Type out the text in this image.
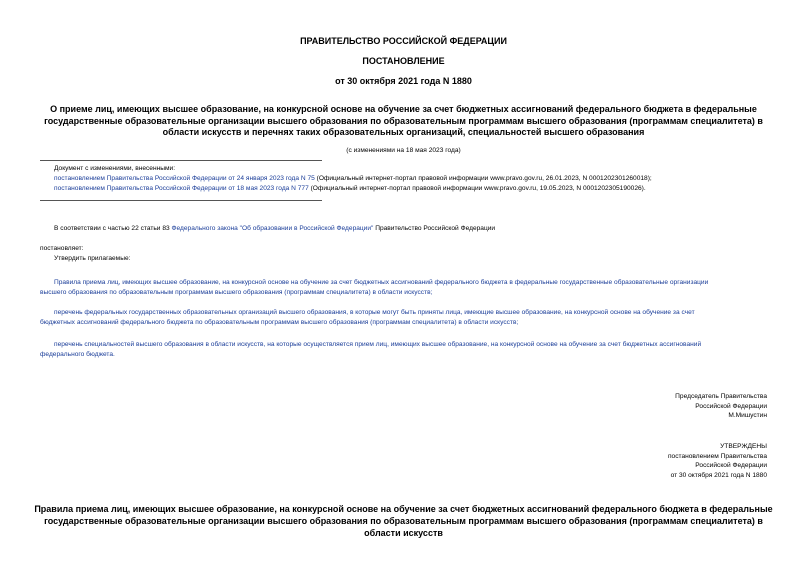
ПРАВИТЕЛЬСТВО РОССИЙСКОЙ ФЕДЕРАЦИИ
ПОСТАНОВЛЕНИЕ
от 30 октября 2021 года N 1880
О приеме лиц, имеющих высшее образование, на конкурсной основе на обучение за счет бюджетных ассигнований федерального бюджета в федеральные
государственные образовательные организации высшего образования по образовательным программам высшего образования (программам специалитета) в
области искусств и перечнях таких образовательных организаций, специальностей высшего образования
(с изменениями на 18 мая 2023 года)
Документ с изменениями, внесенными:
постановлением Правительства Российской Федерации от 24 января 2023 года N 75 (Официальный интернет-портал правовой информации www.pravo.gov.ru, 26.01.2023, N 0001202301260018);
постановлением Правительства Российской Федерации от 18 мая 2023 года N 777 (Официальный интернет-портал правовой информации www.pravo.gov.ru, 19.05.2023, N 0001202305190026).
В соответствии с частью 22 статьи 83 Федерального закона "Об образовании в Российской Федерации" Правительство Российской Федерации
постановляет:
Утвердить прилагаемые:
Правила приема лиц, имеющих высшее образование, на конкурсной основе на обучение за счет бюджетных ассигнований федерального бюджета в федеральные государственные образовательные организации
высшего образования по образовательным программам высшего образования (программам специалитета) в области искусств;
перечень федеральных государственных образовательных организаций высшего образования, в которые могут быть приняты лица, имеющие высшее образование, на конкурсной основе на обучение за счет
бюджетных ассигнований федерального бюджета по образовательным программам высшего образования (программам специалитета) в области искусств;
перечень специальностей высшего образования в области искусств, на которые осуществляется прием лиц, имеющих высшее образование, на конкурсной основе на обучение за счет бюджетных ассигнований
федерального бюджета.
Председатель Правительства
Российской Федерации
М.Мишустин
УТВЕРЖДЕНЫ
постановлением Правительства
Российской Федерации
от 30 октября 2021 года N 1880
Правила приема лиц, имеющих высшее образование, на конкурсной основе на обучение за счет бюджетных ассигнований федерального бюджета в федеральные
государственные образовательные организации высшего образования по образовательным программам высшего образования (программам специалитета) в
области искусств
